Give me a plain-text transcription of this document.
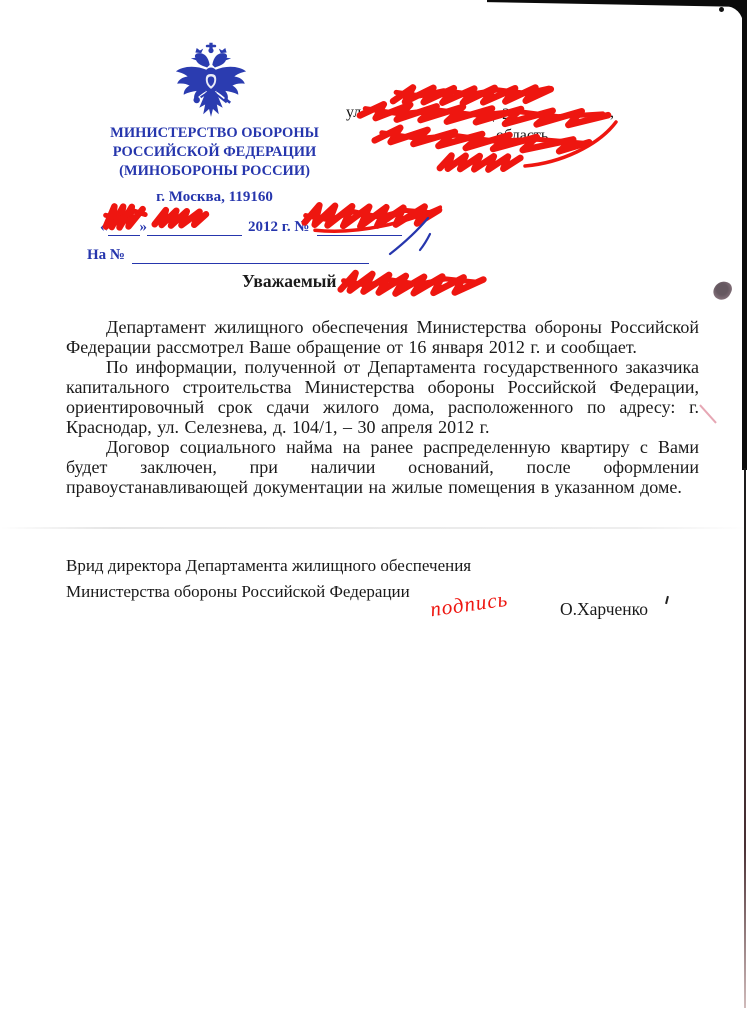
МИНИСТЕРСТВО ОБОРОНЫ
РОССИЙСКОЙ ФЕДЕРАЦИИ
(МИНОБОРОНЫ РОССИИ)
г. Москва, 119160
« »	2012 г. №
На №
ул	, д. 22	,
область,
Уважаемый

Департамент жилищного обеспечения Министерства обороны Российской Федерации рассмотрел Ваше обращение от 16 января 2012 г. и сообщает.

По информации, полученной от Департамента государственного заказчика капитального строительства Министерства обороны Российской Федерации, ориентировочный срок сдачи жилого дома, расположенного по адресу: г. Краснодар, ул. Селезнева, д. 104/1, – 30 апреля 2012 г.

Договор социального найма на ранее распределенную квартиру с Вами будет заключен, при наличии оснований, после оформлении правоустанавливающей документации на жилые помещения в указанном доме.

Врид директора Департамента жилищного обеспечения
Министерства обороны Российской Федерации подпись	О.Харченко
